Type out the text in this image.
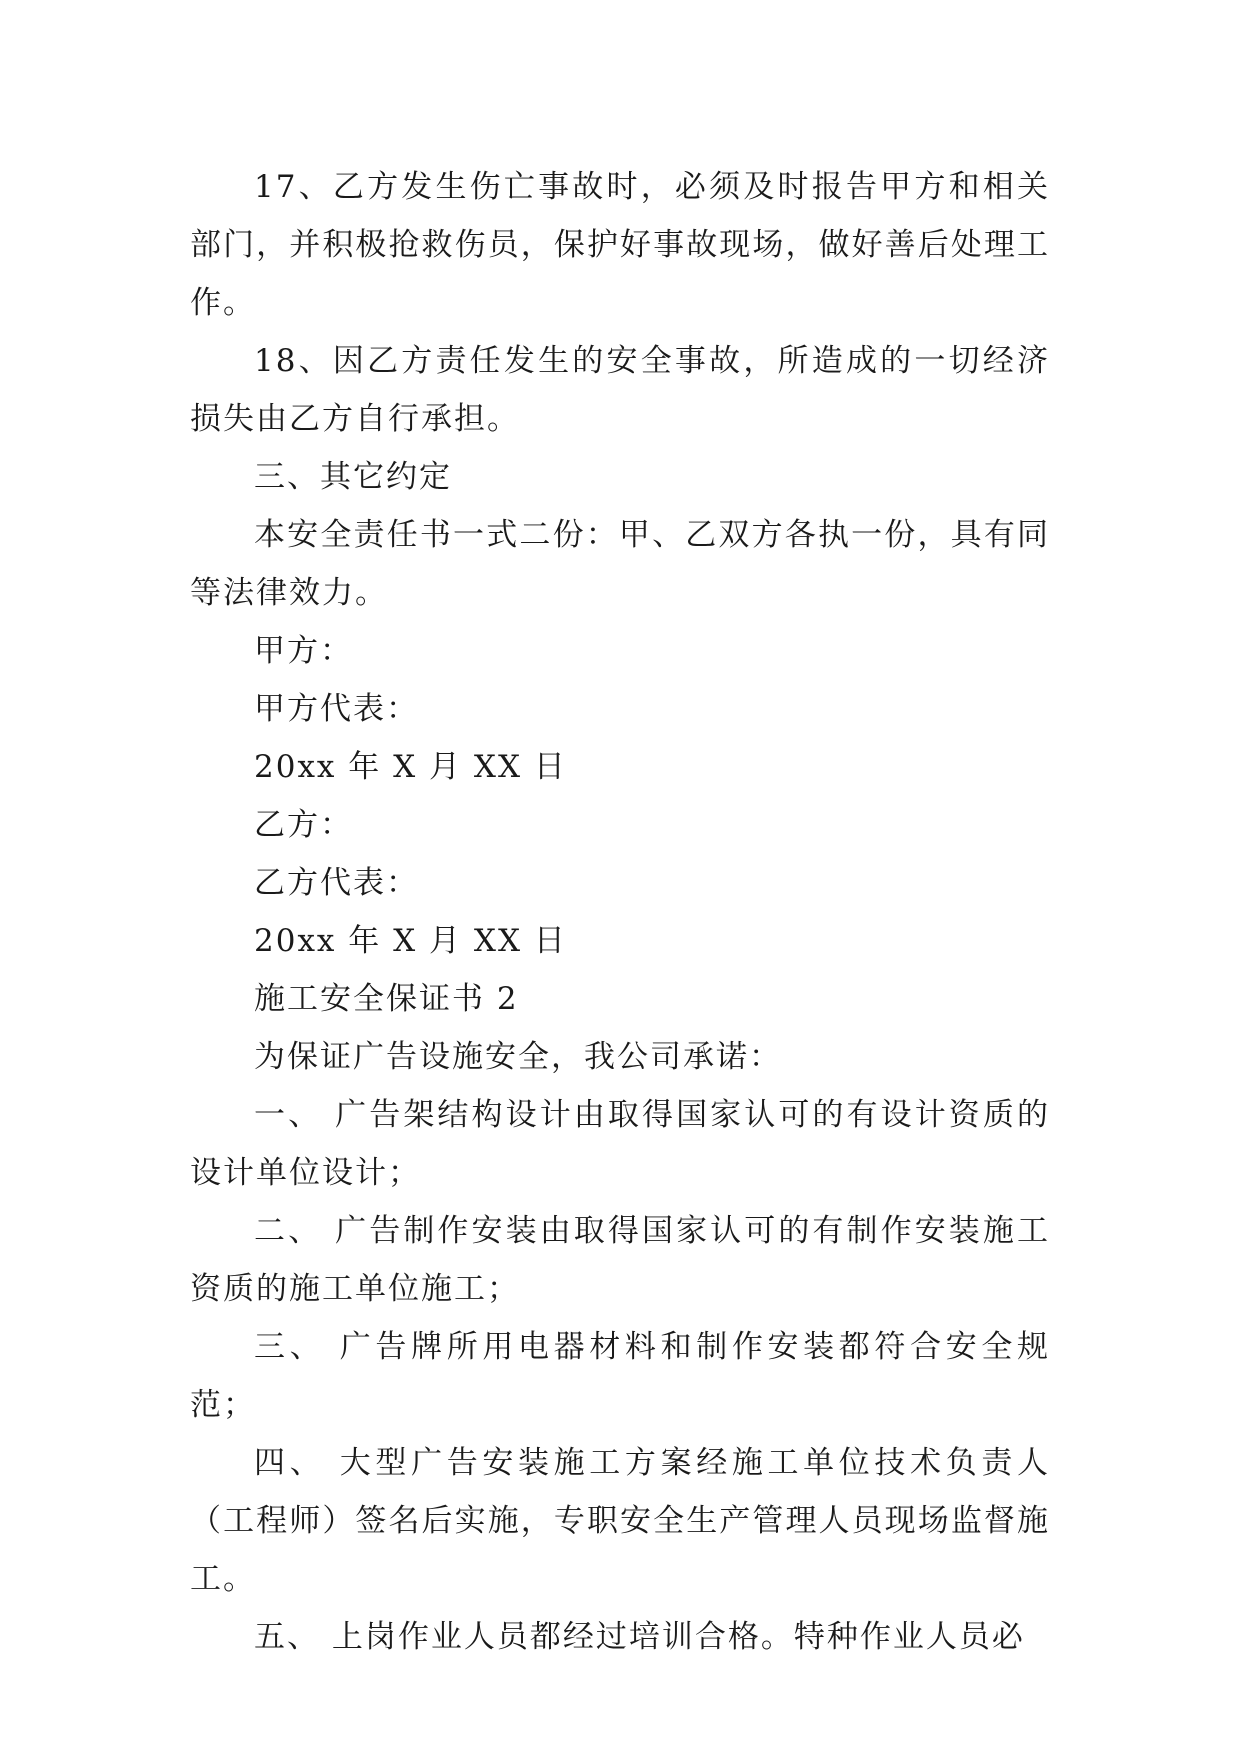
17、乙方发生伤亡事故时，必须及时报告甲方和相关部门，并积极抢救伤员，保护好事故现场，做好善后处理工作。

18、因乙方责任发生的安全事故，所造成的一切经济损失由乙方自行承担。

三、其它约定

本安全责任书一式二份：甲、乙双方各执一份，具有同等法律效力。

甲方：

甲方代表：

20xx 年 X 月 XX 日

乙方：

乙方代表：

20xx 年 X 月 XX 日

施工安全保证书 2

为保证广告设施安全，我公司承诺：

一、 广告架结构设计由取得国家认可的有设计资质的设计单位设计；

二、 广告制作安装由取得国家认可的有制作安装施工资质的施工单位施工；

三、 广告牌所用电器材料和制作安装都符合安全规范；

四、 大型广告安装施工方案经施工单位技术负责人（工程师）签名后实施，专职安全生产管理人员现场监督施工。

五、 上岗作业人员都经过培训合格。特种作业人员必
